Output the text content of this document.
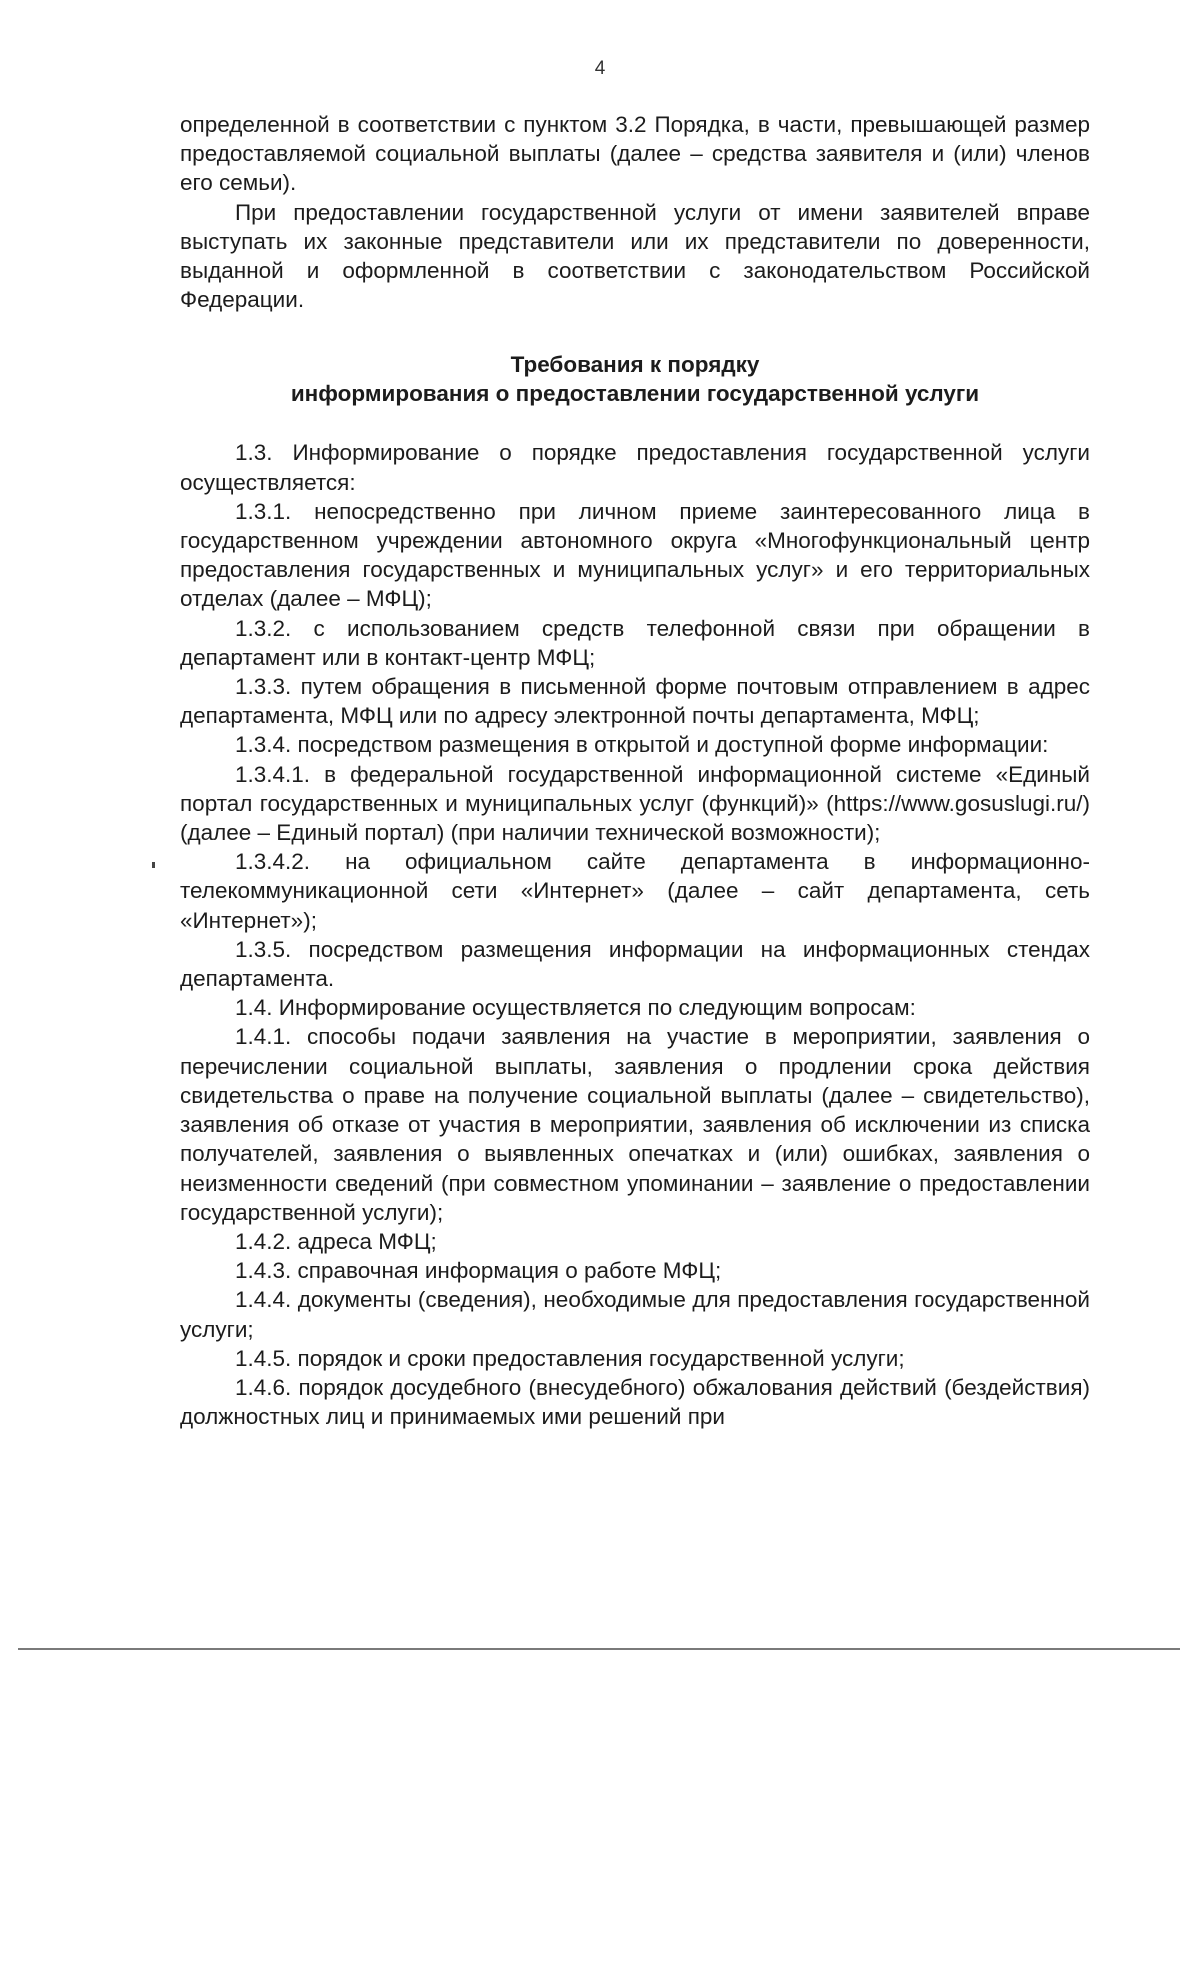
4

определенной в соответствии с пунктом 3.2 Порядка, в части, превышающей размер предоставляемой социальной выплаты (далее – средства заявителя и (или) членов его семьи).

При предоставлении государственной услуги от имени заявителей вправе выступать их законные представители или их представители по доверенности, выданной и оформленной в соответствии с законодательством Российской Федерации.

Требования к порядку
информирования о предоставлении государственной услуги

1.3. Информирование о порядке предоставления государственной услуги осуществляется:

1.3.1. непосредственно при личном приеме заинтересованного лица в государственном учреждении автономного округа «Многофункциональный центр предоставления государственных и муниципальных услуг» и его территориальных отделах (далее – МФЦ);

1.3.2. с использованием средств телефонной связи при обращении в департамент или в контакт-центр МФЦ;

1.3.3. путем обращения в письменной форме почтовым отправлением в адрес департамента, МФЦ или по адресу электронной почты департамента, МФЦ;

1.3.4. посредством размещения в открытой и доступной форме информации:

1.3.4.1. в федеральной государственной информационной системе «Единый портал государственных и муниципальных услуг (функций)» (https://www.gosuslugi.ru/) (далее – Единый портал) (при наличии технической возможности);

1.3.4.2. на официальном сайте департамента в информационно-телекоммуникационной сети «Интернет» (далее – сайт департамента, сеть «Интернет»);

1.3.5. посредством размещения информации на информационных стендах департамента.

1.4. Информирование осуществляется по следующим вопросам:

1.4.1. способы подачи заявления на участие в мероприятии, заявления о перечислении социальной выплаты, заявления о продлении срока действия свидетельства о праве на получение социальной выплаты (далее – свидетельство), заявления об отказе от участия в мероприятии, заявления об исключении из списка получателей, заявления о выявленных опечатках и (или) ошибках, заявления о неизменности сведений (при совместном упоминании – заявление о предоставлении государственной услуги);

1.4.2. адреса МФЦ;

1.4.3. справочная информация о работе МФЦ;

1.4.4. документы (сведения), необходимые для предоставления государственной услуги;

1.4.5. порядок и сроки предоставления государственной услуги;

1.4.6. порядок досудебного (внесудебного) обжалования действий (бездействия) должностных лиц и принимаемых ими решений при
